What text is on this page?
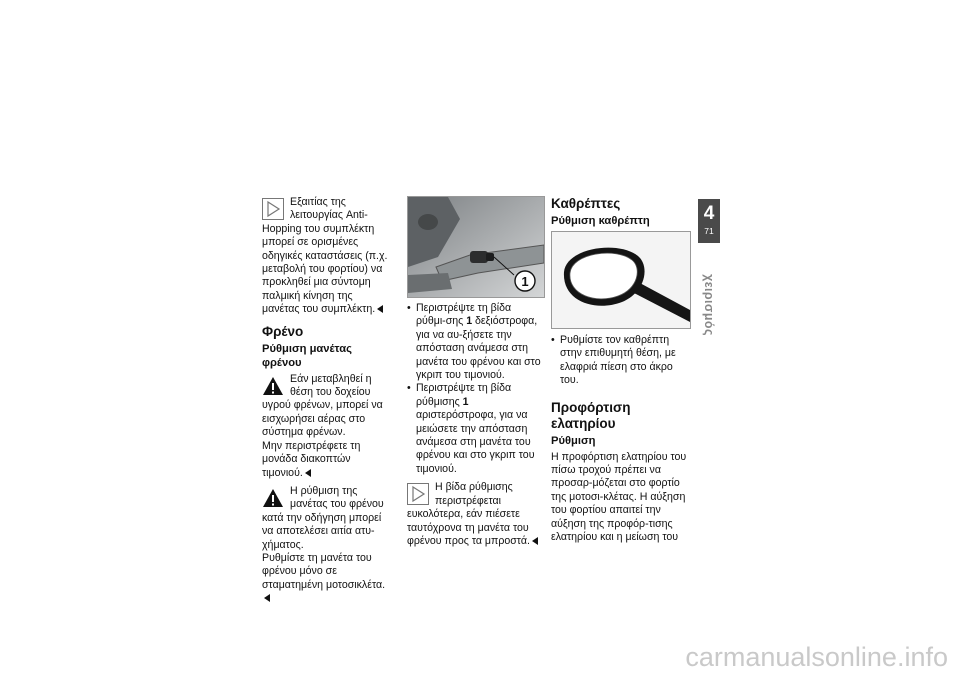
Εξαιτίας της λειτουργίας Anti-Hopping του συμπλέκτη μπορεί σε ορισμένες οδηγικές καταστάσεις (π.χ. μεταβολή του φορτίου) να προκληθεί μια σύντομη παλμική κίνηση της μανέτας του συμπλέκτη.

Φρένο
Ρύθμιση μανέτας φρένου

Εάν μεταβληθεί η θέση του δοχείου υγρού φρένων, μπορεί να εισχωρήσει αέρας στο σύστημα φρένων.

Μην περιστρέφετε τη μονάδα διακοπτών τιμονιού.

Η ρύθμιση της μανέτας του φρένου κατά την οδήγηση μπορεί να αποτελέσει αιτία ατυ-χήματος.

Ρυθμίστε τη μανέτα του φρένου μόνο σε σταματημένη μοτοσικλέτα.

1
• Περιστρέψτε τη βίδα ρύθμι-σης 1 δεξιόστροφα, για να αυ-ξήσετε την απόσταση ανάμεσα στη μανέτα του φρένου και στο γκριπ του τιμονιού.
• Περιστρέψτε τη βίδα ρύθμισης 1 αριστερόστροφα, για να μειώσετε την απόσταση ανάμεσα στη μανέτα του φρένου και στο γκριπ του τιμονιού.

Η βίδα ρύθμισης περιστρέφεται ευκολότερα, εάν πιέσετε ταυτόχρονα τη μανέτα του φρένου προς τα μπροστά.

Καθρέπτες
Ρύθμιση καθρέπτη
• Ρυθμίστε τον καθρέπτη στην επιθυμητή θέση, με ελαφριά πίεση στο άκρο του.
Προφόρτιση ελατηρίου
Ρύθμιση

Η προφόρτιση ελατηρίου του πίσω τροχού πρέπει να προσαρ-μόζεται στο φορτίο της μοτοσι-κλέτας. Η αύξηση του φορτίου απαιτεί την αύξηση της προφόρ-τισης ελατηρίου και η μείωση του

4
71
χειρισμός
carmanualsonline.info
